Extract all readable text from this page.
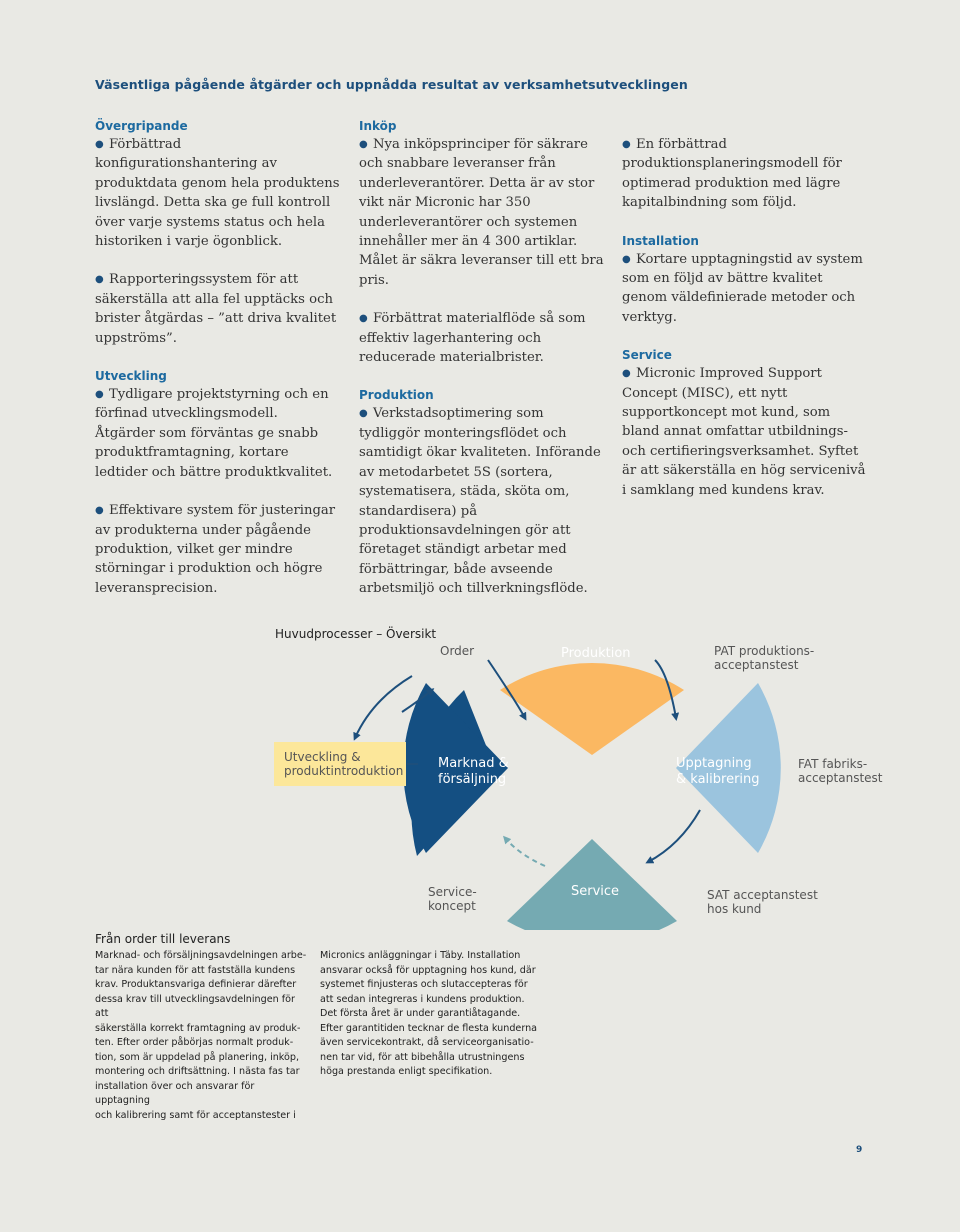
Väsentliga pågående åtgärder och uppnådda resultat av verksamhetsutvecklingen
Övergripande

● Förbättrad konfigurationshantering av produktdata genom hela produktens livslängd. Detta ska ge full kontroll över varje systems status och hela historiken i varje ögonblick.

● Rapporteringssystem för att säkerställa att alla fel upptäcks och brister åtgärdas – ”att driva kvalitet uppströms”.

Utveckling

● Tydligare projektstyrning och en förfinad utvecklingsmodell. Åtgärder som förväntas ge snabb produktframtagning, kortare ledtider och bättre produktkvalitet.

● Effektivare system för justeringar av produkterna under pågående produktion, vilket ger mindre störningar i produktion och högre leveransprecision.

Inköp

● Nya inköpsprinciper för säkrare och snabbare leveranser från underleverantörer. Detta är av stor vikt när Micronic har 350 underleverantörer och systemen innehåller mer än 4 300 artiklar. Målet är säkra leveranser till ett bra pris.

● Förbättrat materialflöde så som effektiv lagerhantering och reducerade materialbrister.

Produktion

● Verkstadsoptimering som tydliggör monteringsflödet och samtidigt ökar kvaliteten. Införande av metodarbetet 5S (sortera, systematisera, städa, sköta om, standardisera) på produktionsavdelningen gör att företaget ständigt arbetar med förbättringar, både avseende arbetsmiljö och tillverkningsflöde.

● En förbättrad produktionsplaneringsmodell för optimerad produktion med lägre kapitalbindning som följd.

Installation

● Kortare upptagningstid av system som en följd av bättre kvalitet genom väldefinierade metoder och verktyg.

Service

● Micronic Improved Support Concept (MISC), ett nytt supportkoncept mot kund, som bland annat omfattar utbildnings- och certifieringsverksamhet. Syftet är att säkerställa en hög servicenivå i samklang med kundens krav.

Huvudprocesser – Översikt
Utveckling &
produktintroduktion
Order	Produktion	PAT produktions-
acceptanstest
Marknad &
försäljning
Upptagning
& kalibrering
FAT fabriks-
acceptanstest
Service-
koncept
Service	SAT acceptanstest
hos kund
Från order till leverans
Marknad- och försäljningsavdelningen arbe-
tar nära kunden för att fastställa kundens
krav. Produktansvariga definierar därefter
dessa krav till utvecklingsavdelningen för att
säkerställa korrekt framtagning av produk-
ten. Efter order påbörjas normalt produk-
tion, som är uppdelad på planering, inköp,
montering och driftsättning. I nästa fas tar
installation över och ansvarar för upptagning
och kalibrering samt för acceptanstester i
Micronics anläggningar i Täby. Installation
ansvarar också för upptagning hos kund, där
systemet finjusteras och slutaccepteras för
att sedan integreras i kundens produktion.
Det första året är under garantiåtagande.
Efter garantitiden tecknar de flesta kunderna
även servicekontrakt, då serviceorganisatio-
nen tar vid, för att bibehålla utrustningens
höga prestanda enligt specifikation.
9
